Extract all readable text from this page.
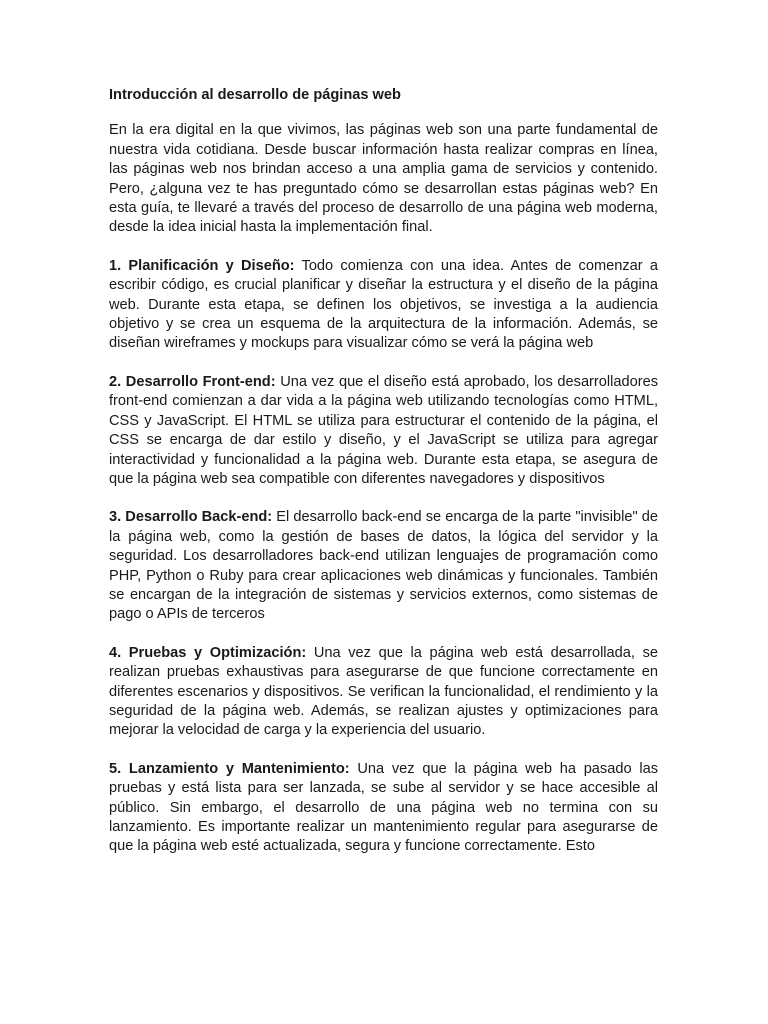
Introducción al desarrollo de páginas web

En la era digital en la que vivimos, las páginas web son una parte fundamental de nuestra vida cotidiana. Desde buscar información hasta realizar compras en línea, las páginas web nos brindan acceso a una amplia gama de servicios y contenido. Pero, ¿alguna vez te has preguntado cómo se desarrollan estas páginas web? En esta guía, te llevaré a través del proceso de desarrollo de una página web moderna, desde la idea inicial hasta la implementación final.

1. Planificación y Diseño: Todo comienza con una idea. Antes de comenzar a escribir código, es crucial planificar y diseñar la estructura y el diseño de la página web. Durante esta etapa, se definen los objetivos, se investiga a la audiencia objetivo y se crea un esquema de la arquitectura de la información. Además, se diseñan wireframes y mockups para visualizar cómo se verá la página web

2. Desarrollo Front-end: Una vez que el diseño está aprobado, los desarrolladores front-end comienzan a dar vida a la página web utilizando tecnologías como HTML, CSS y JavaScript. El HTML se utiliza para estructurar el contenido de la página, el CSS se encarga de dar estilo y diseño, y el JavaScript se utiliza para agregar interactividad y funcionalidad a la página web. Durante esta etapa, se asegura de que la página web sea compatible con diferentes navegadores y dispositivos

3. Desarrollo Back-end: El desarrollo back-end se encarga de la parte "invisible" de la página web, como la gestión de bases de datos, la lógica del servidor y la seguridad. Los desarrolladores back-end utilizan lenguajes de programación como PHP, Python o Ruby para crear aplicaciones web dinámicas y funcionales. También se encargan de la integración de sistemas y servicios externos, como sistemas de pago o APIs de terceros

4. Pruebas y Optimización: Una vez que la página web está desarrollada, se realizan pruebas exhaustivas para asegurarse de que funcione correctamente en diferentes escenarios y dispositivos. Se verifican la funcionalidad, el rendimiento y la seguridad de la página web. Además, se realizan ajustes y optimizaciones para mejorar la velocidad de carga y la experiencia del usuario.

5. Lanzamiento y Mantenimiento: Una vez que la página web ha pasado las pruebas y está lista para ser lanzada, se sube al servidor y se hace accesible al público. Sin embargo, el desarrollo de una página web no termina con su lanzamiento. Es importante realizar un mantenimiento regular para asegurarse de que la página web esté actualizada, segura y funcione correctamente. Esto
